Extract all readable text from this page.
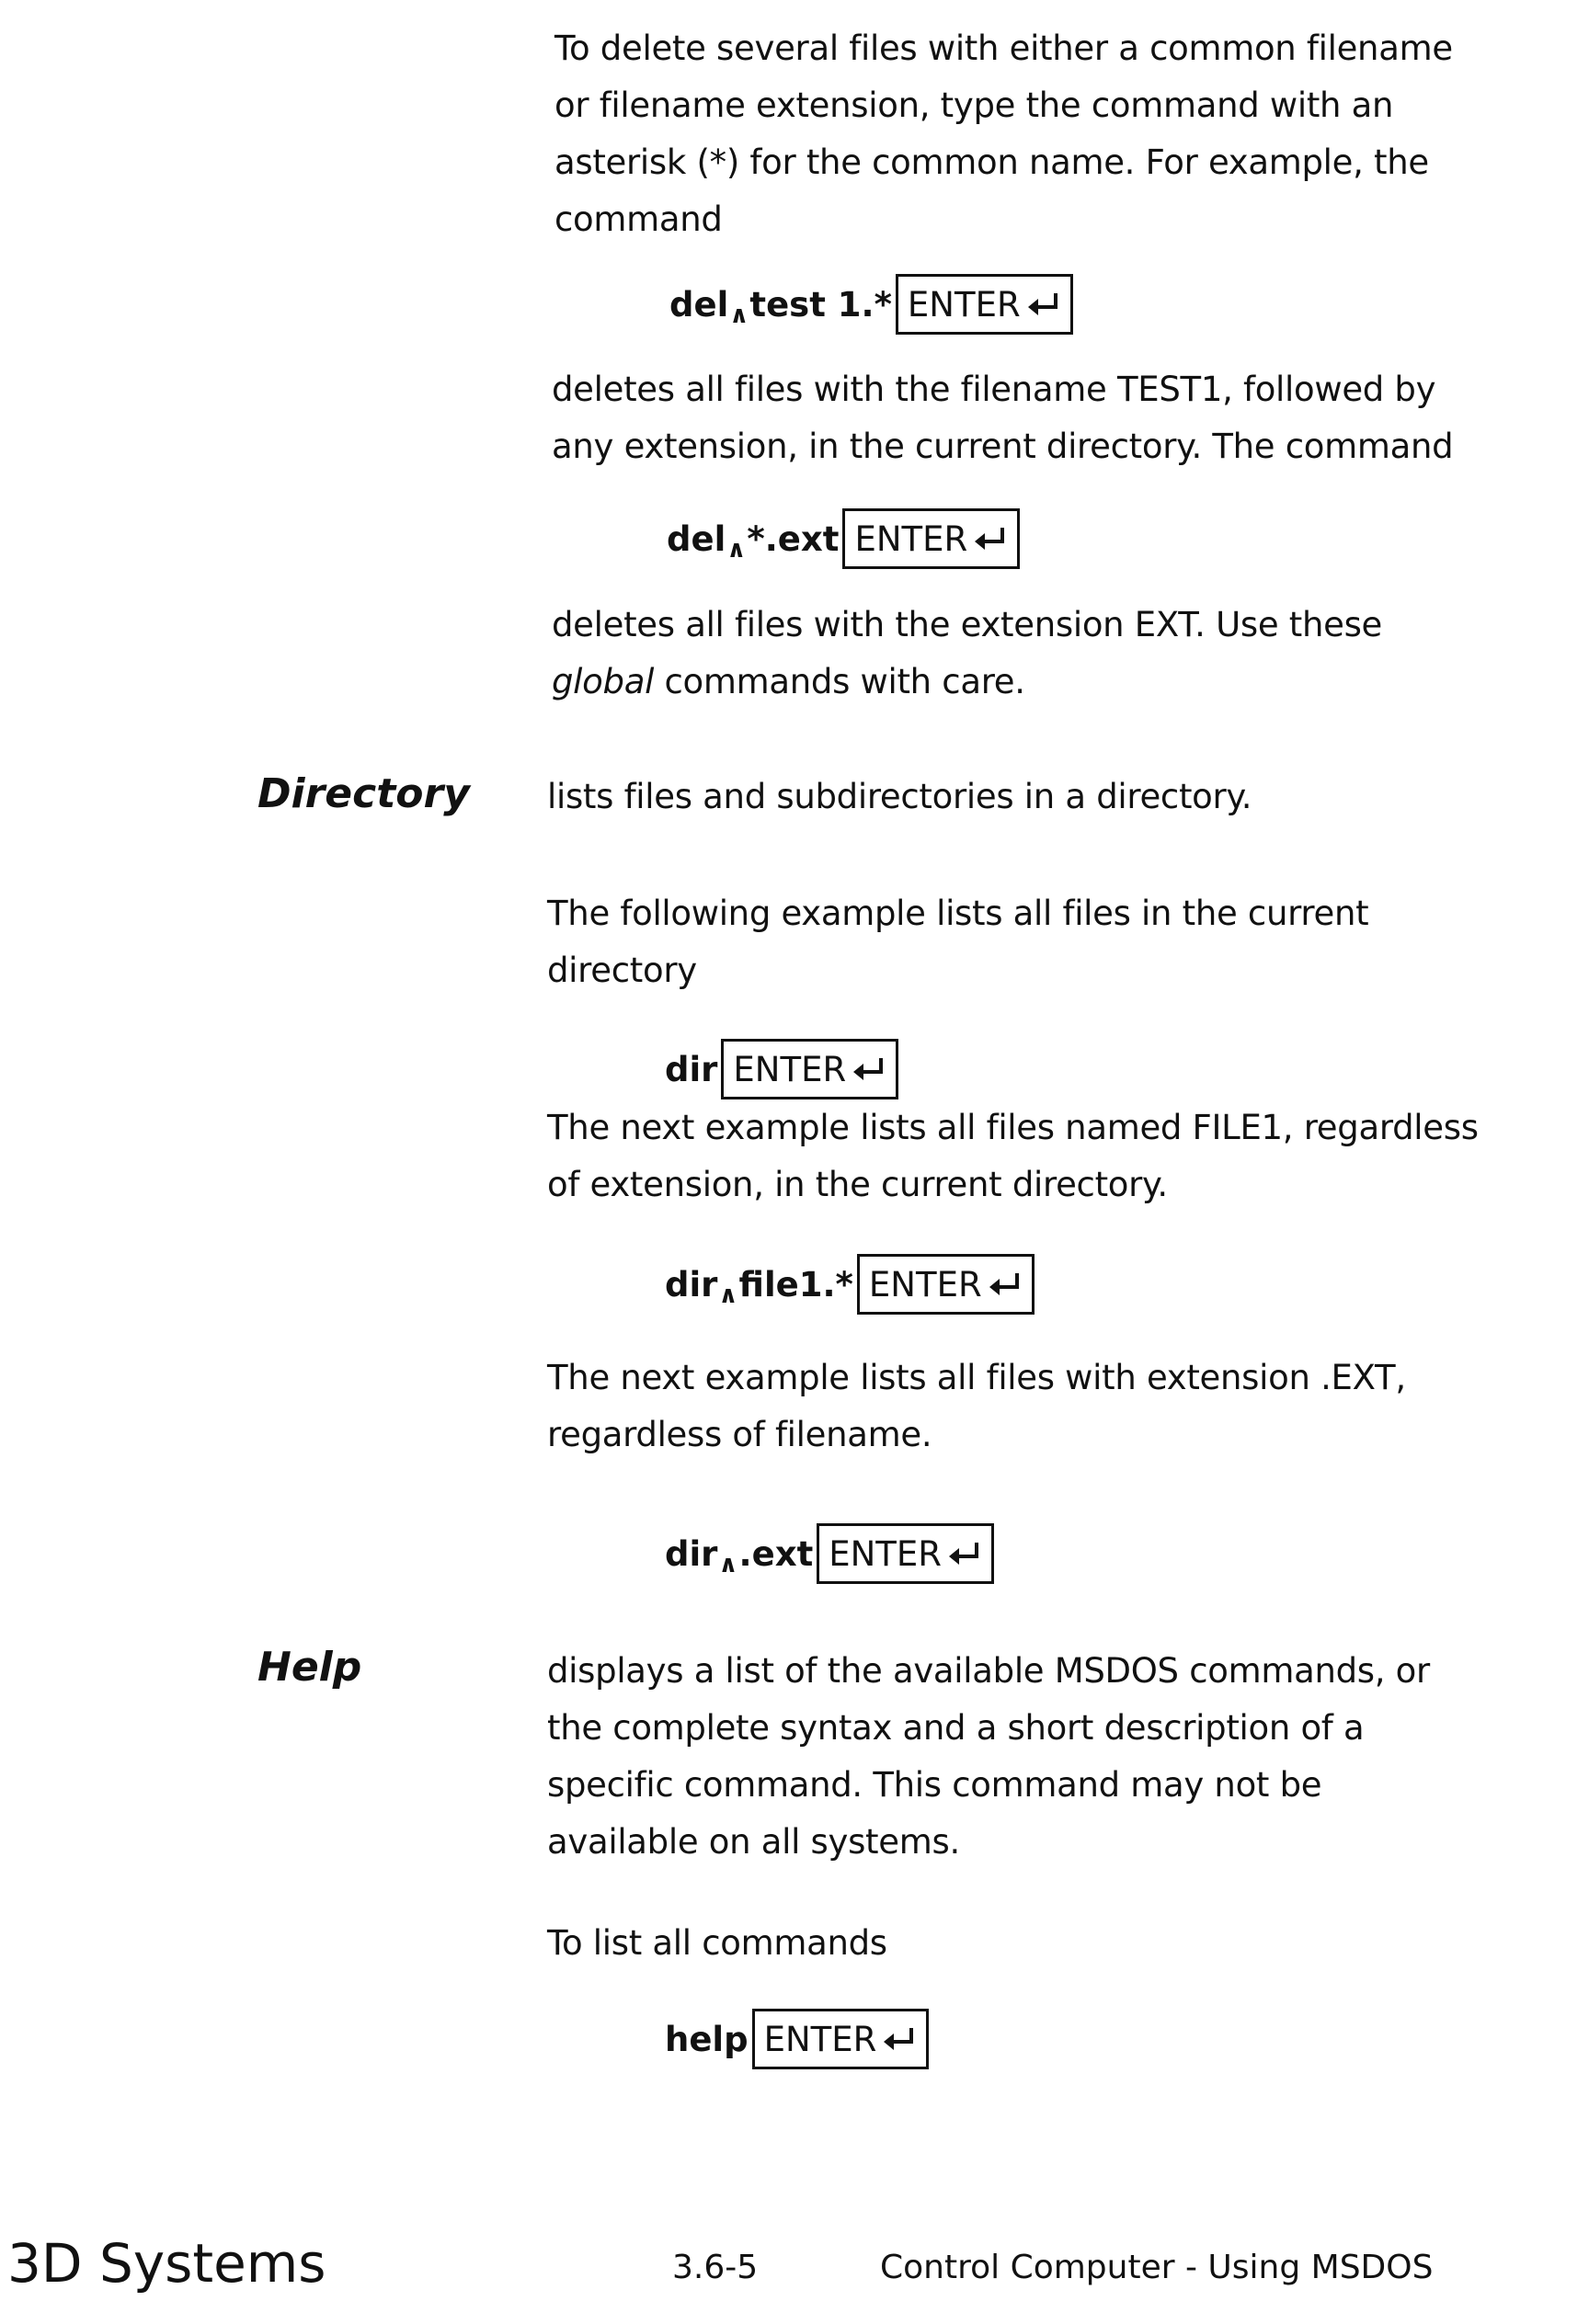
To delete several files with either a common filename
or filename extension, type the command with an
asterisk (*) for the common name. For example, the
command
del ∧ test 1.* ENTER
deletes all files with the filename TEST1, followed by
any extension, in the current directory. The command
del ∧ *.ext ENTER
deletes all files with the extension EXT. Use these
global commands with care.
Directory lists files and subdirectories in a directory.
The following example lists all files in the current
directory
dir ENTER
The next example lists all files named FILE1, regardless
of extension, in the current directory.
dir ∧ file1.* ENTER
The next example lists all files with extension .EXT,
regardless of filename.
dir ∧ .ext ENTER
Help	displays a list of the available MSDOS commands, or
the complete syntax and a short description of a
specific command. This command may not be
available on all systems.
To list all commands
help ENTER
3D Systems	3.6-5	Control Computer - Using MSDOS
